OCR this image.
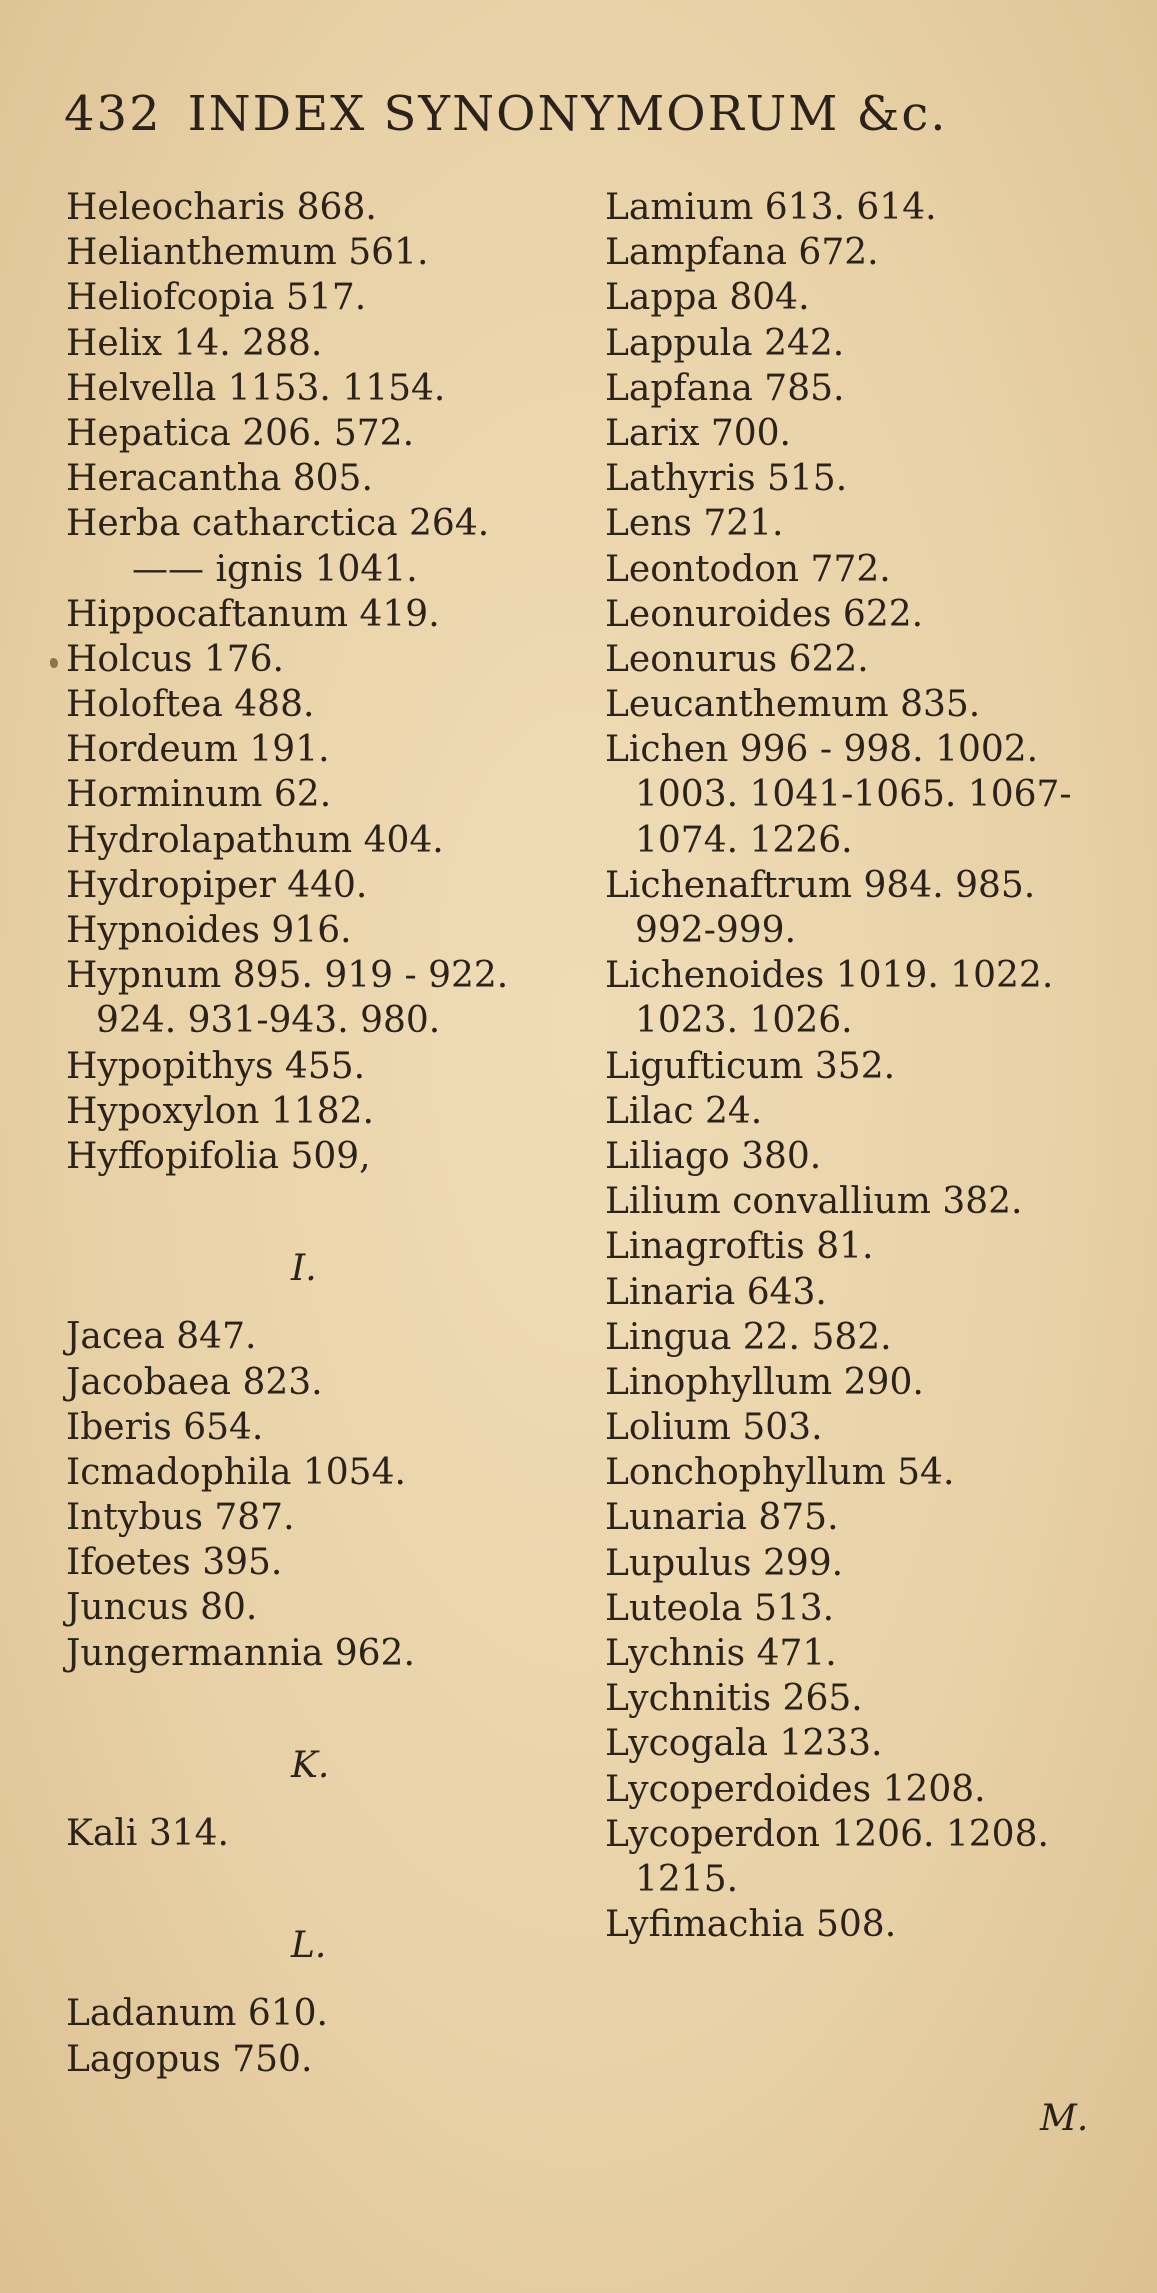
432 INDEX SYNONYMORUM &c.
Heleocharis 868.
Helianthemum 561.
Heliofcopia 517.
Helix 14. 288.
Helvella 1153. 1154.
Hepatica 206. 572.
Heracantha 805.
Herba catharctica 264.
—— ignis 1041.
Hippocaftanum 419.
Holcus 176.
Holoftea 488.
Hordeum 191.
Horminum 62.
Hydrolapathum 404.
Hydropiper 440.
Hypnoides 916.
Hypnum 895. 919 - 922.
924. 931-943. 980.
Hypopithys 455.
Hypoxylon 1182.
Hyffopifolia 509,
I.
Jacea 847.
Jacobaea 823.
Iberis 654.
Icmadophila 1054.
Intybus 787.
Ifoetes 395.
Juncus 80.
Jungermannia 962.
K.
Kali 314.
L.
Ladanum 610.
Lagopus 750.
Lamium 613. 614.
Lampfana 672.
Lappa 804.
Lappula 242.
Lapfana 785.
Larix 700.
Lathyris 515.
Lens 721.
Leontodon 772.
Leonuroides 622.
Leonurus 622.
Leucanthemum 835.
Lichen 996 - 998. 1002.
1003. 1041-1065. 1067-
1074. 1226.
Lichenaftrum 984. 985.
992-999.
Lichenoides 1019. 1022.
1023. 1026.
Ligufticum 352.
Lilac 24.
Liliago 380.
Lilium convallium 382.
Linagroftis 81.
Linaria 643.
Lingua 22. 582.
Linophyllum 290.
Lolium 503.
Lonchophyllum 54.
Lunaria 875.
Lupulus 299.
Luteola 513.
Lychnis 471.
Lychnitis 265.
Lycogala 1233.
Lycoperdoides 1208.
Lycoperdon 1206. 1208.
1215.
Lyfimachia 508.
M.
